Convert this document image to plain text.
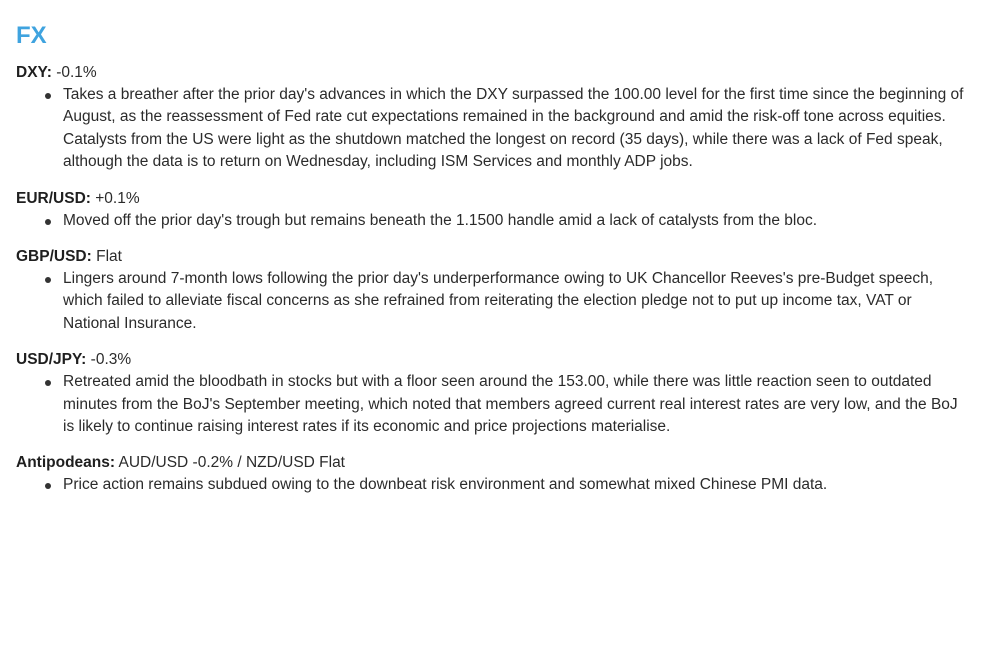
FX

DXY: -0.1%

Takes a breather after the prior day's advances in which the DXY surpassed the 100.00 level for the first time since the beginning of August, as the reassessment of Fed rate cut expectations remained in the background and amid the risk-off tone across equities. Catalysts from the US were light as the shutdown matched the longest on record (35 days), while there was a lack of Fed speak, although the data is to return on Wednesday, including ISM Services and monthly ADP jobs.

EUR/USD: +0.1%

Moved off the prior day's trough but remains beneath the 1.1500 handle amid a lack of catalysts from the bloc.

GBP/USD: Flat

Lingers around 7-month lows following the prior day's underperformance owing to UK Chancellor Reeves's pre-Budget speech, which failed to alleviate fiscal concerns as she refrained from reiterating the election pledge not to put up income tax, VAT or National Insurance.

USD/JPY: -0.3%

Retreated amid the bloodbath in stocks but with a floor seen around the 153.00, while there was little reaction seen to outdated minutes from the BoJ's September meeting, which noted that members agreed current real interest rates are very low, and the BoJ is likely to continue raising interest rates if its economic and price projections materialise.

Antipodeans: AUD/USD -0.2% / NZD/USD Flat

Price action remains subdued owing to the downbeat risk environment and somewhat mixed Chinese PMI data.
